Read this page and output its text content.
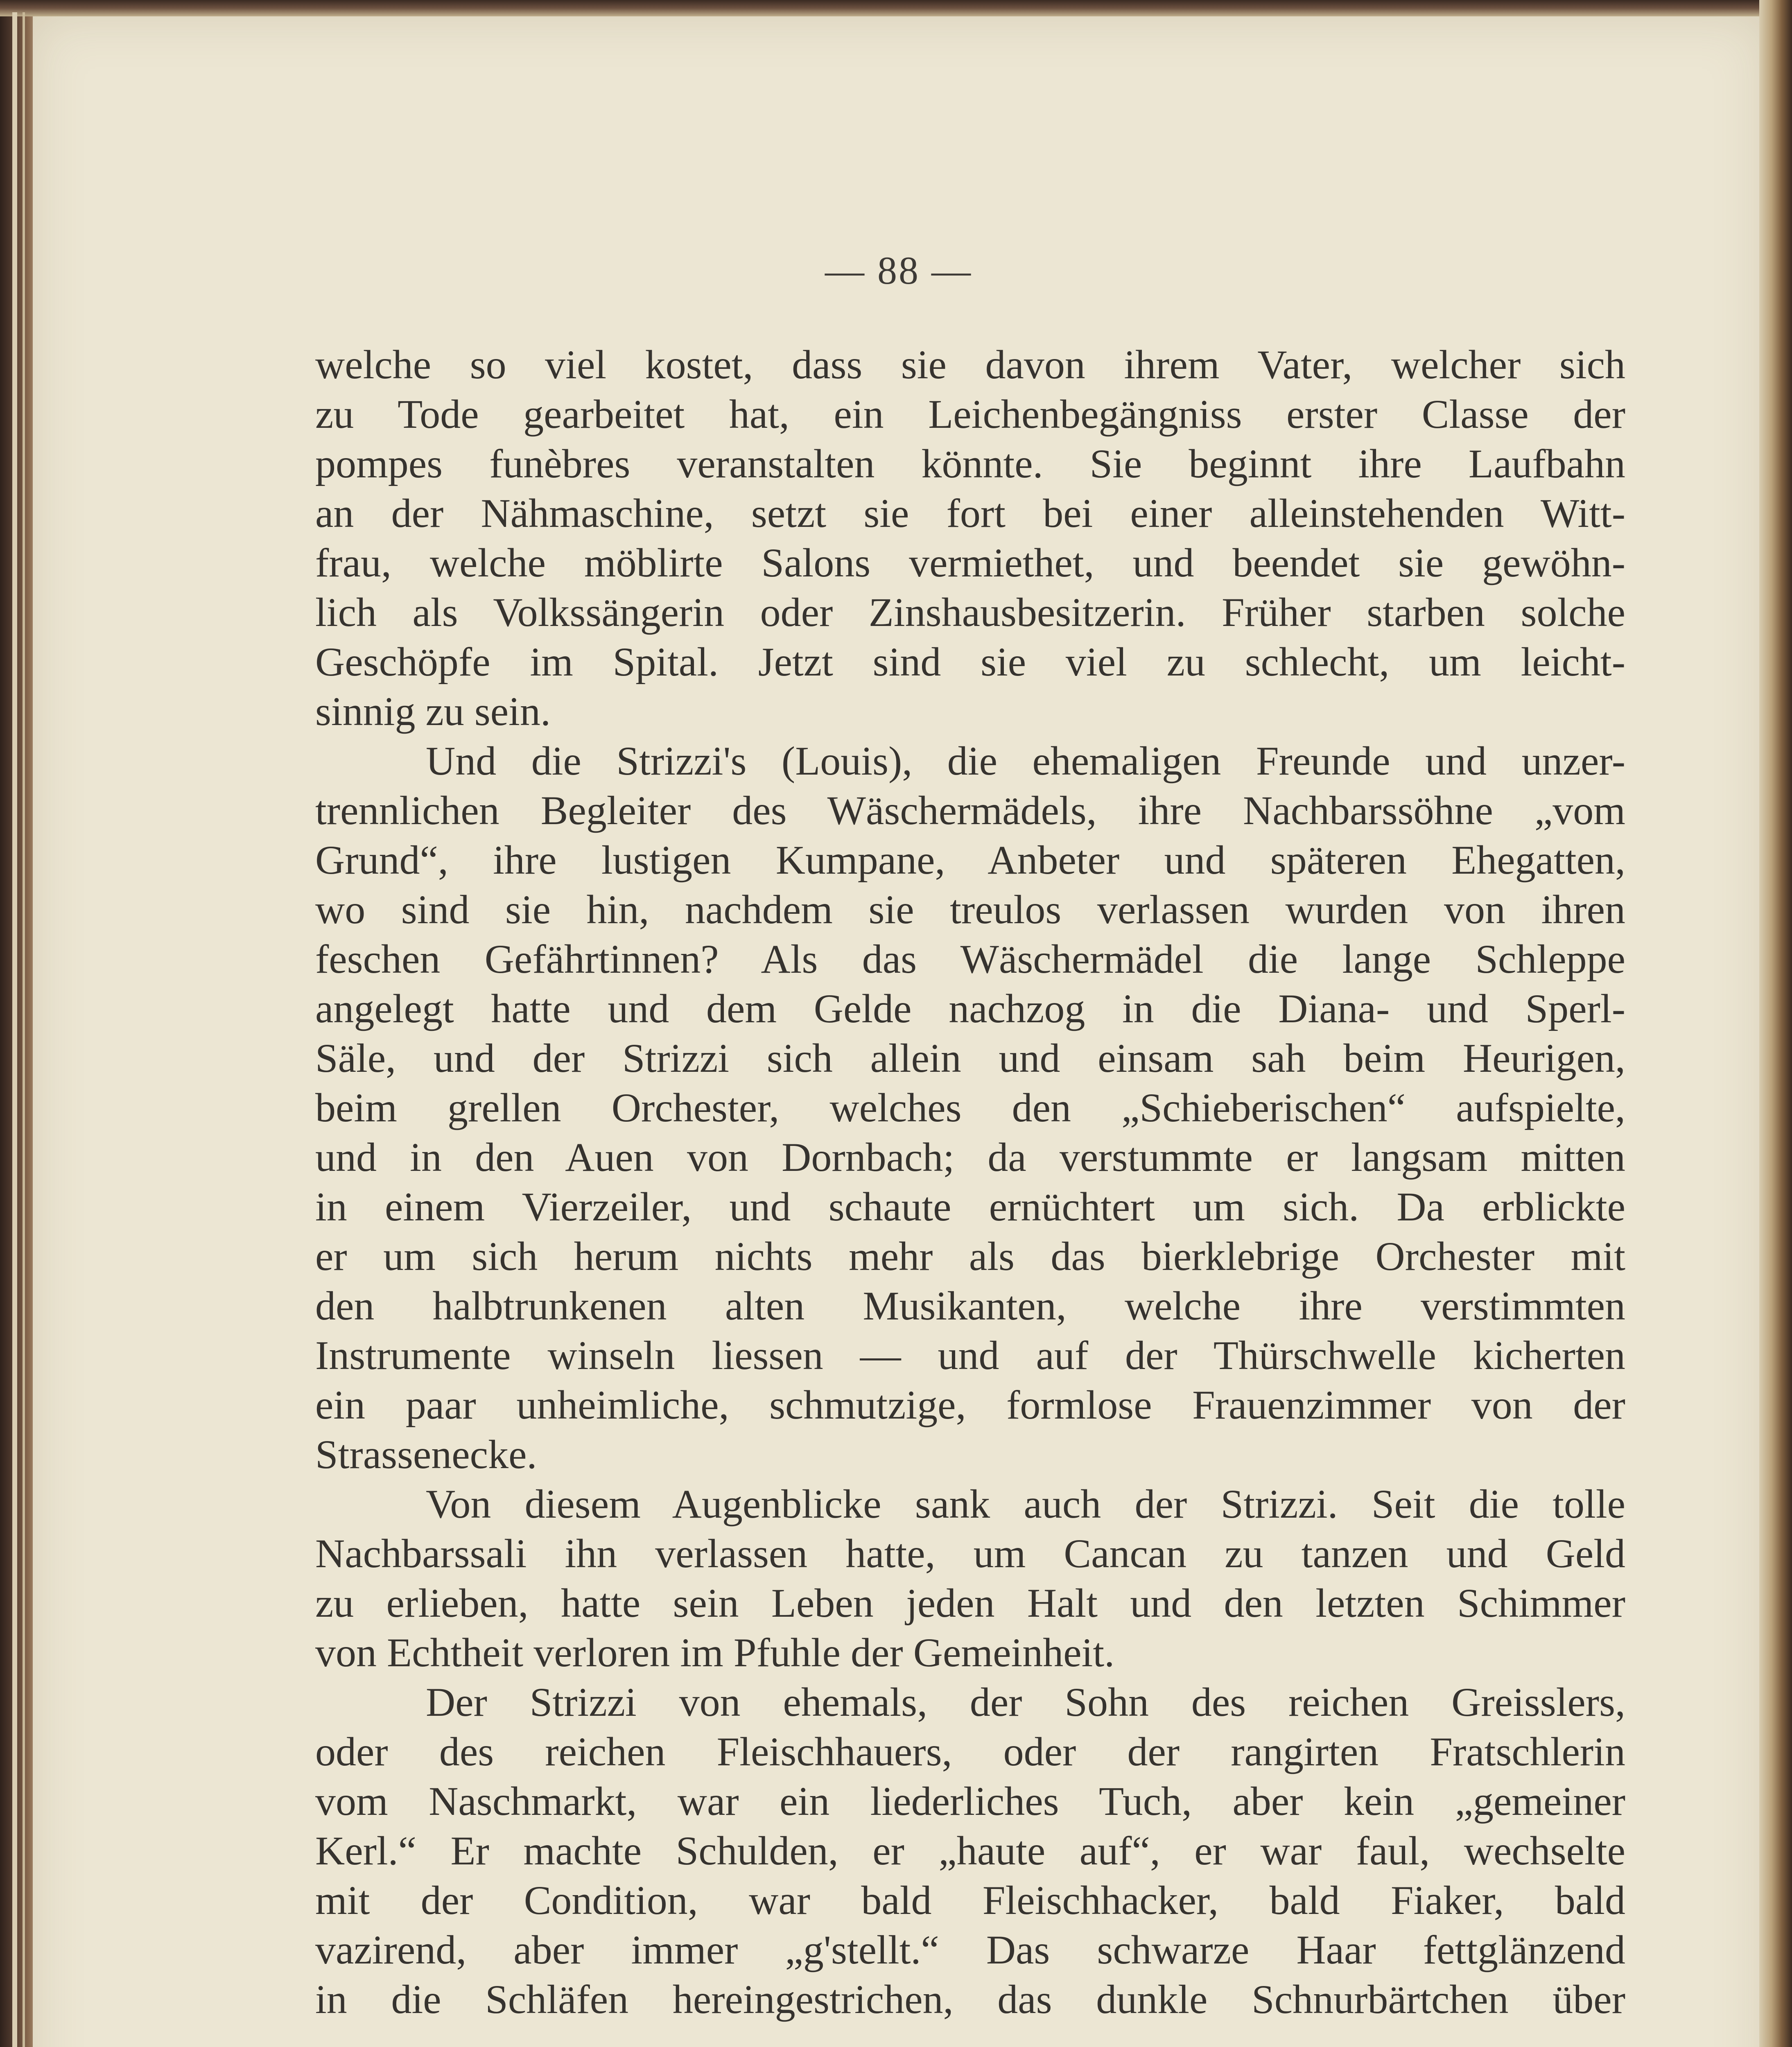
— 88 —
welche so viel kostet, dass sie davon ihrem Vater, welcher sich
zu Tode gearbeitet hat, ein Leichenbegängniss erster Classe der
pompes funèbres veranstalten könnte. Sie beginnt ihre Laufbahn
an der Nähmaschine, setzt sie fort bei einer alleinstehenden Witt-
frau, welche möblirte Salons vermiethet, und beendet sie gewöhn-
lich als Volkssängerin oder Zinshausbesitzerin. Früher starben solche
Geschöpfe im Spital. Jetzt sind sie viel zu schlecht, um leicht-
sinnig zu sein.
Und die Strizzi's (Louis), die ehemaligen Freunde und unzer-
trennlichen Begleiter des Wäschermädels, ihre Nachbarssöhne „vom
Grund“, ihre lustigen Kumpane, Anbeter und späteren Ehegatten,
wo sind sie hin, nachdem sie treulos verlassen wurden von ihren
feschen Gefährtinnen? Als das Wäschermädel die lange Schleppe
angelegt hatte und dem Gelde nachzog in die Diana- und Sperl-
Säle, und der Strizzi sich allein und einsam sah beim Heurigen,
beim grellen Orchester, welches den „Schieberischen“ aufspielte,
und in den Auen von Dornbach; da verstummte er langsam mitten
in einem Vierzeiler, und schaute ernüchtert um sich. Da erblickte
er um sich herum nichts mehr als das bierklebrige Orchester mit
den halbtrunkenen alten Musikanten, welche ihre verstimmten
Instrumente winseln liessen — und auf der Thürschwelle kicherten
ein paar unheimliche, schmutzige, formlose Frauenzimmer von der
Strassenecke.
Von diesem Augenblicke sank auch der Strizzi. Seit die tolle
Nachbarssali ihn verlassen hatte, um Cancan zu tanzen und Geld
zu erlieben, hatte sein Leben jeden Halt und den letzten Schimmer
von Echtheit verloren im Pfuhle der Gemeinheit.
Der Strizzi von ehemals, der Sohn des reichen Greisslers,
oder des reichen Fleischhauers, oder der rangirten Fratschlerin
vom Naschmarkt, war ein liederliches Tuch, aber kein „gemeiner
Kerl.“ Er machte Schulden, er „haute auf“, er war faul, wechselte
mit der Condition, war bald Fleischhacker, bald Fiaker, bald
vazirend, aber immer „g'stellt.“ Das schwarze Haar fettglänzend
in die Schläfen hereingestrichen, das dunkle Schnurbärtchen über
